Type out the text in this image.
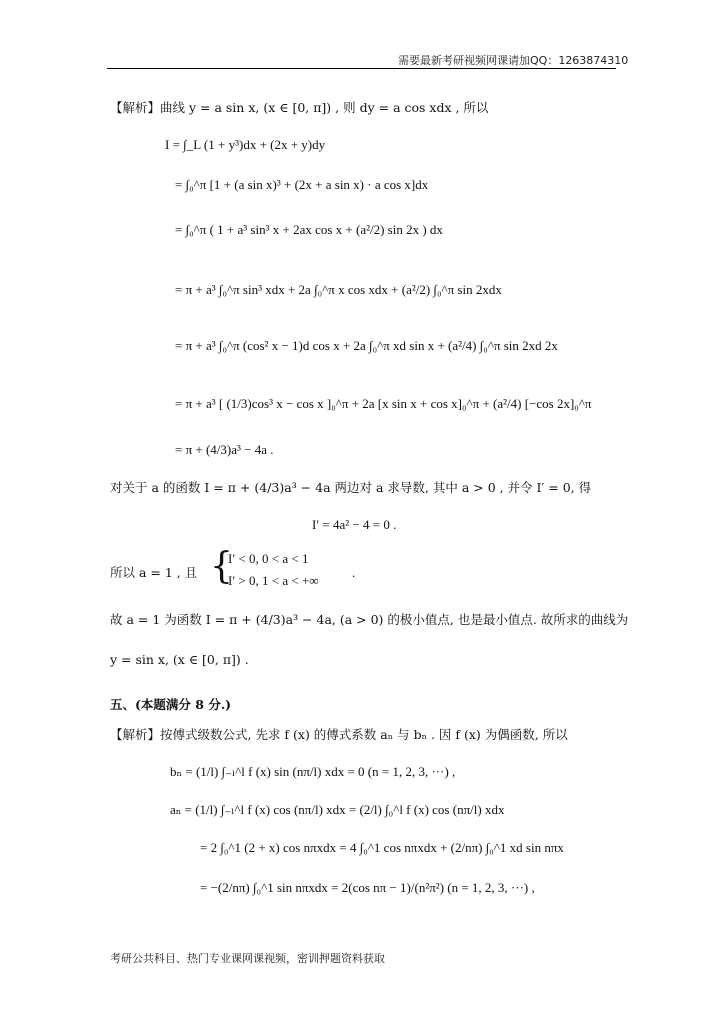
需要最新考研视频网课请加QQ：1263874310
【解析】曲线 y = a sin x, (x ∈ [0, π]) , 则 dy = a cos xdx , 所以
I = ∫_L (1 + y³)dx + (2x + y)dy
= ∫₀^π [1 + (a sin x)³ + (2x + a sin x) · a cos x]dx
= ∫₀^π ( 1 + a³ sin³ x + 2ax cos x + (a²/2) sin 2x ) dx
= π + a³ ∫₀^π sin³ xdx + 2a ∫₀^π x cos xdx + (a²/2) ∫₀^π sin 2xdx
= π + a³ ∫₀^π (cos² x − 1)d cos x + 2a ∫₀^π xd sin x + (a²/4) ∫₀^π sin 2xd 2x
= π + a³ [ (1/3)cos³ x − cos x ]₀^π + 2a [x sin x + cos x]₀^π + (a²/4) [−cos 2x]₀^π
= π + (4/3)a³ − 4a .
对关于 a 的函数 I = π + (4/3)a³ − 4a 两边对 a 求导数, 其中 a > 0 , 并令 I′ = 0, 得
I′ = 4a² − 4 = 0 .
所以 a = 1 , 且 {
I′ < 0, 0 < a < 1
I′ > 0, 1 < a < +∞
.
故 a = 1 为函数 I = π + (4/3)a³ − 4a, (a > 0) 的极小值点, 也是最小值点. 故所求的曲线为
y = sin x, (x ∈ [0, π]) .
五、(本题满分 8 分.)
【解析】按傅式级数公式, 先求 f (x) 的傅式系数 aₙ 与 bₙ . 因 f (x) 为偶函数, 所以
bₙ = (1/l) ∫₋ₗ^l f (x) sin (nπ/l) xdx = 0 (n = 1, 2, 3, ···) ,
aₙ = (1/l) ∫₋ₗ^l f (x) cos (nπ/l) xdx = (2/l) ∫₀^l f (x) cos (nπ/l) xdx
= 2 ∫₀^1 (2 + x) cos nπxdx = 4 ∫₀^1 cos nπxdx + (2/nπ) ∫₀^1 xd sin nπx
= −(2/nπ) ∫₀^1 sin nπxdx = 2(cos nπ − 1)/(n²π²) (n = 1, 2, 3, ···) ,
考研公共科目、热门专业课网课视频，密训押题资料获取
